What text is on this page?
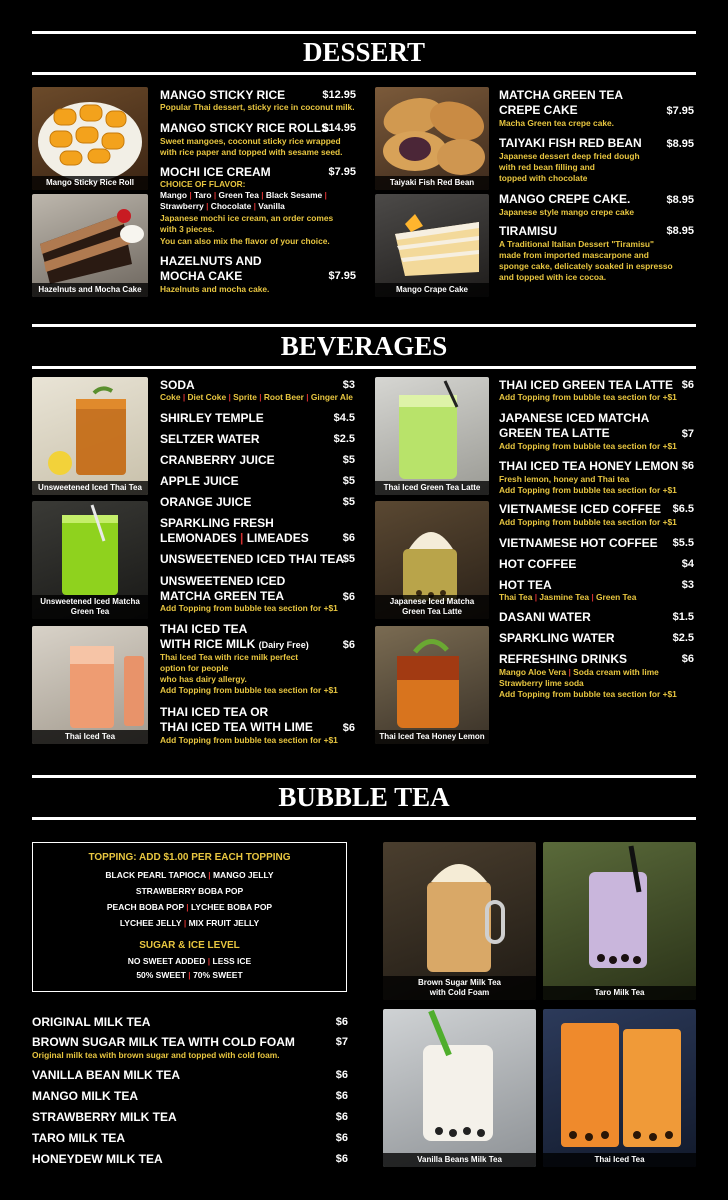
DESSERT
Mango Sticky Rice Roll
Hazelnuts and Mocha Cake
Taiyaki Fish Red Bean
Mango Crape Cake
MANGO STICKY RICE	$12.95
Popular Thai dessert, sticky rice in coconut milk.
MANGO STICKY RICE ROLLS
$14.95
Sweet mangoes, coconut sticky rice wrapped
with rice paper and topped with sesame seed.
MOCHI ICE CREAM	$7.95
CHOICE OF FLAVOR:
Mango | Taro | Green Tea | Black Sesame |
Strawberry | Chocolate | Vanilla
Japanese mochi ice cream, an order comes
with 3 pieces.
You can also mix the flavor of your choice.
HAZELNUTS AND
MOCHA CAKE	$7.95
Hazelnuts and mocha cake.
MATCHA GREEN TEA
CREPE CAKE	$7.95
Macha Green tea crepe cake.
TAIYAKI FISH RED BEAN	$8.95
Japanese dessert deep fried dough
with red bean filling and
topped with chocolate
MANGO CREPE CAKE.	$8.95
Japanese style mango crepe cake
TIRAMISU	$8.95
A Traditional Italian Dessert "Tiramisu"
made from imported mascarpone and
sponge cake, delicately soaked in espresso
and topped with ice cocoa.
BEVERAGES
Unsweetened Iced Thai Tea
Unsweetened Iced Matcha
Green Tea
Thai Iced Tea
Thai Iced Green Tea Latte
Japanese Iced Matcha
Green Tea Latte
Thai Iced Tea Honey Lemon
SODA	$3
Coke | Diet Coke | Sprite | Root Beer | Ginger Ale
SHIRLEY TEMPLE	$4.5
SELTZER WATER	$2.5
CRANBERRY JUICE	$5
APPLE JUICE	$5
ORANGE JUICE	$5
SPARKLING FRESH
LEMONADES | LIMEADES	$6
UNSWEETENED ICED THAI TEA
$5
UNSWEETENED ICED
MATCHA GREEN TEA	$6
Add Topping from bubble tea section for +$1
THAI ICED TEA
WITH RICE MILK (Dairy Free)	$6
Thai Iced Tea with rice milk perfect
option for people
who has dairy allergy.
Add Topping from bubble tea section for +$1
THAI ICED TEA OR
THAI ICED TEA WITH LIME	$6
Add Topping from bubble tea section for +$1
THAI ICED GREEN TEA LATTE $6
Add Topping from bubble tea section for +$1
JAPANESE ICED MATCHA
GREEN TEA LATTE	$7
Add Topping from bubble tea section for +$1
THAI ICED TEA HONEY LEMON $6
Fresh lemon, honey and Thai tea
Add Topping from bubble tea section for +$1
VIETNAMESE ICED COFFEE	$6.5
Add Topping from bubble tea section for +$1
VIETNAMESE HOT COFFEE	$5.5
HOT COFFEE	$4
HOT TEA	$3
Thai Tea | Jasmine Tea | Green Tea
DASANI WATER	$1.5
SPARKLING WATER	$2.5
REFRESHING DRINKS	$6
Mango Aloe Vera | Soda cream with lime
Strawberry lime soda
Add Topping from bubble tea section for +$1
BUBBLE TEA
TOPPING: ADD $1.00 PER EACH TOPPING
BLACK PEARL TAPIOCA | MANGO JELLY
STRAWBERRY BOBA POP
PEACH BOBA POP | LYCHEE BOBA POP
LYCHEE JELLY | MIX FRUIT JELLY
SUGAR & ICE LEVEL
NO SWEET ADDED | LESS ICE
50% SWEET | 70% SWEET
ORIGINAL MILK TEA	$6
BROWN SUGAR MILK TEA WITH COLD FOAM	$7
Original milk tea with brown sugar and topped with cold foam.
VANILLA BEAN MILK TEA	$6
MANGO MILK TEA	$6
STRAWBERRY MILK TEA	$6
TARO MILK TEA	$6
HONEYDEW MILK TEA	$6
Brown Sugar Milk Tea
with Cold Foam	Taro Milk Tea
Vanilla Beans Milk Tea	Thai Iced Tea
